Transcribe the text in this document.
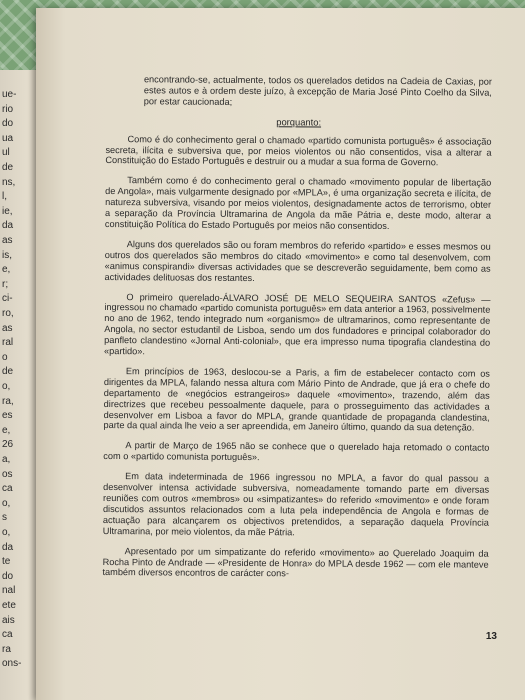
ue-
rio
do
ua
ul
de
ns,
l,
ie,
da
as
is,
e,
r;
ci-
ro,
as
ral
o
de
o,
ra,
es
e,
26
a,
os
ca
o,
s
o,
da
te
do
nal
ete
ais
ca
ra
ons-

encontrando-se, actualmente, todos os querelados detidos na Cadeia de Caxias, por estes autos e à ordem deste juízo, à excepção de Maria José Pinto Coelho da Silva, por estar caucionada;

porquanto:

Como é do conhecimento geral o chamado «partido comunista português» é associação secreta, ilícita e subversiva que, por meios violentos ou não consentidos, visa a alterar a Constituição do Estado Português e destruir ou a mudar a sua forma de Governo.

Também como é do conhecimento geral o chamado «movimento popular de libertação de Angola», mais vulgarmente designado por «MPLA», é uma organização secreta e ilícita, de natureza subversiva, visando por meios violentos, designadamente actos de terrorismo, obter a separação da Província Ultramarina de Angola da mãe Pátria e, deste modo, alterar a constituição Política do Estado Português por meios não consentidos.

Alguns dos querelados são ou foram membros do referido «partido» e esses mesmos ou outros dos querelados são membros do citado «movimento» e como tal desenvolvem, com «animus conspirandi» diversas actividades que se descreverão seguidamente, bem como as actividades delituosas dos restantes.

O primeiro querelado-ÁLVARO JOSÉ DE MELO SEQUEIRA SANTOS «Zefus» — ingressou no chamado «partido comunista português» em data anterior a 1963, possivelmente no ano de 1962, tendo integrado num «organismo» de ultramarinos, como representante de Angola, no sector estudantil de Lisboa, sendo um dos fundadores e principal colaborador do panfleto clandestino «Jornal Anti-colonial», que era impresso numa tipografia clandestina do «partido».

Em princípios de 1963, deslocou-se a Paris, a fim de estabelecer contacto com os dirigentes da MPLA, falando nessa altura com Mário Pinto de Andrade, que já era o chefe do departamento de «negócios estrangeiros» daquele «movimento», trazendo, além das directrizes que recebeu pessoalmente daquele, para o prosseguimento das actividades a desenvolver em Lisboa a favor do MPLA, grande quantidade de propaganda clandestina, parte da qual ainda lhe veio a ser apreendida, em Janeiro último, quando da sua detenção.

A partir de Março de 1965 não se conhece que o querelado haja retomado o contacto com o «partido comunista português».

Em data indeterminada de 1966 ingressou no MPLA, a favor do qual passou a desenvolver intensa actividade subversiva, nomeadamente tomando parte em diversas reuniões com outros «membros» ou «simpatizantes» do referido «movimento» e onde foram discutidos assuntos relacionados com a luta pela independência de Angola e formas de actuação para alcançarem os objectivos pretendidos, a separação daquela Província Ultramarina, por meio violentos, da mãe Pátria.

Apresentado por um simpatizante do referido «movimento» ao Querelado Joaquim da Rocha Pinto de Andrade — «Presidente de Honra» do MPLA desde 1962 — com ele manteve também diversos encontros de carácter cons-

13
